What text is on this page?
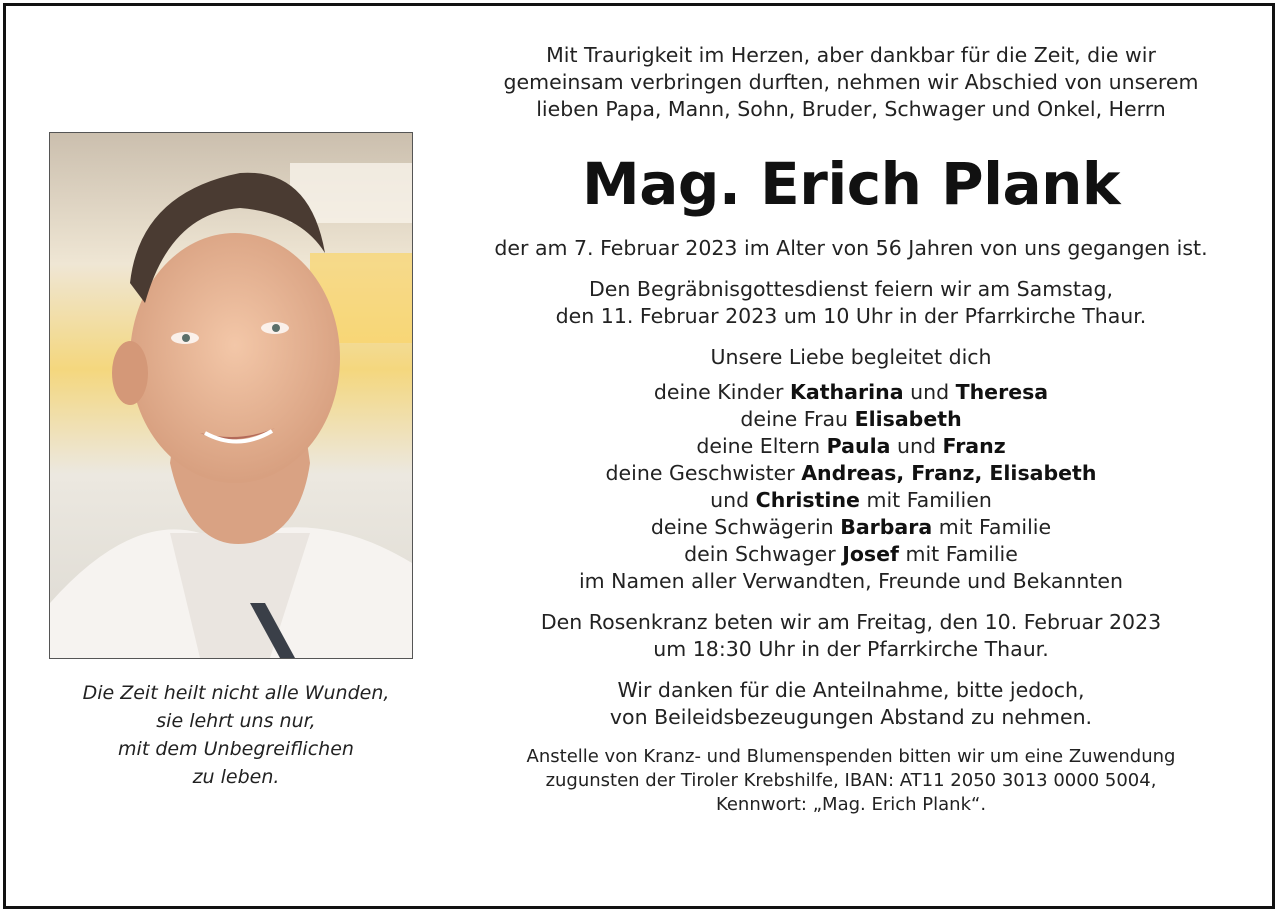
Die Zeit heilt nicht alle Wunden,
sie lehrt uns nur,
mit dem Unbegreiflichen
zu leben.
Mit Traurigkeit im Herzen, aber dankbar für die Zeit, die wir
gemeinsam verbringen durften, nehmen wir Abschied von unserem
lieben Papa, Mann, Sohn, Bruder, Schwager und Onkel, Herrn
Mag. Erich Plank
der am 7. Februar 2023 im Alter von 56 Jahren von uns gegangen ist.
Den Begräbnisgottesdienst feiern wir am Samstag,
den 11. Februar 2023 um 10 Uhr in der Pfarrkirche Thaur.
Unsere Liebe begleitet dich
deine Kinder Katharina und Theresa
deine Frau Elisabeth
deine Eltern Paula und Franz
deine Geschwister Andreas, Franz, Elisabeth
und Christine mit Familien
deine Schwägerin Barbara mit Familie
dein Schwager Josef mit Familie
im Namen aller Verwandten, Freunde und Bekannten
Den Rosenkranz beten wir am Freitag, den 10. Februar 2023
um 18:30 Uhr in der Pfarrkirche Thaur.
Wir danken für die Anteilnahme, bitte jedoch,
von Beileidsbezeugungen Abstand zu nehmen.
Anstelle von Kranz- und Blumenspenden bitten wir um eine Zuwendung
zugunsten der Tiroler Krebshilfe, IBAN: AT11 2050 3013 0000 5004,
Kennwort: „Mag. Erich Plank“.
